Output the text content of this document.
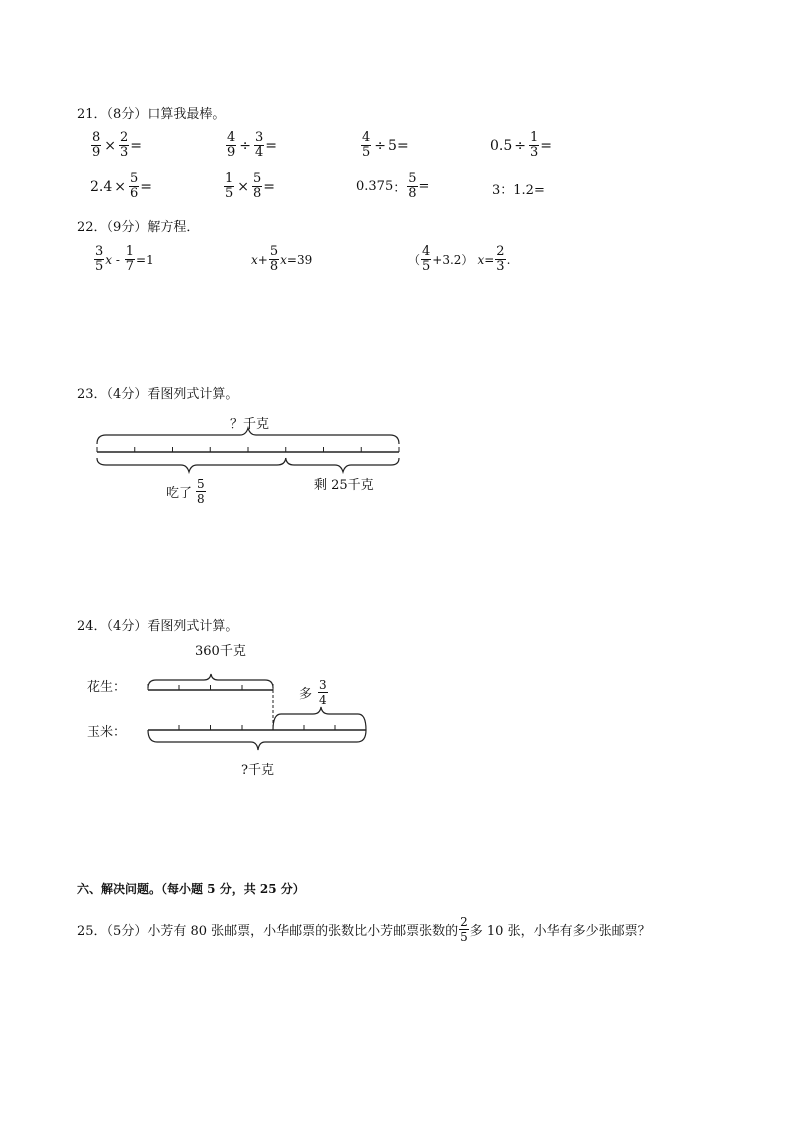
21．（8分）口算我最棒。
$\frac{8}{9} \times \frac{2}{3}$ =	$\frac{4}{9} \div \frac{3}{4}$ =	$\frac{4}{5} \div 5$ =	$0.5 \div \frac{1}{3}$ =
$2.4 \times \frac{5}{6}$ =	$\frac{1}{5} \times \frac{5}{8}$ =	0.375 ： $\frac{5}{8}$ =	3：1.2=
22．（9分）解方程．
$\frac{3}{5}$ $x - \frac{1}{7} =1$	$x + \frac{5}{8}$ x =39	（ $\frac{4}{5} +3.2$） $x = \frac{2}{3}$ .
23．（4分）看图列式计算。
？千克
吃了 $\frac{5}{8}$	剩 25千克
24．（4分）看图列式计算。
360千克
花生：	多 $\frac{3}{4}$
玉米：
?千克
六、解决问题。（每小题 5 分，共 25 分）
25．（5分）小芳有 80 张邮票，小华邮票的张数比小芳邮票张数的 $\frac{2}{5}$ 多 10 张，小华有多少张邮票？
